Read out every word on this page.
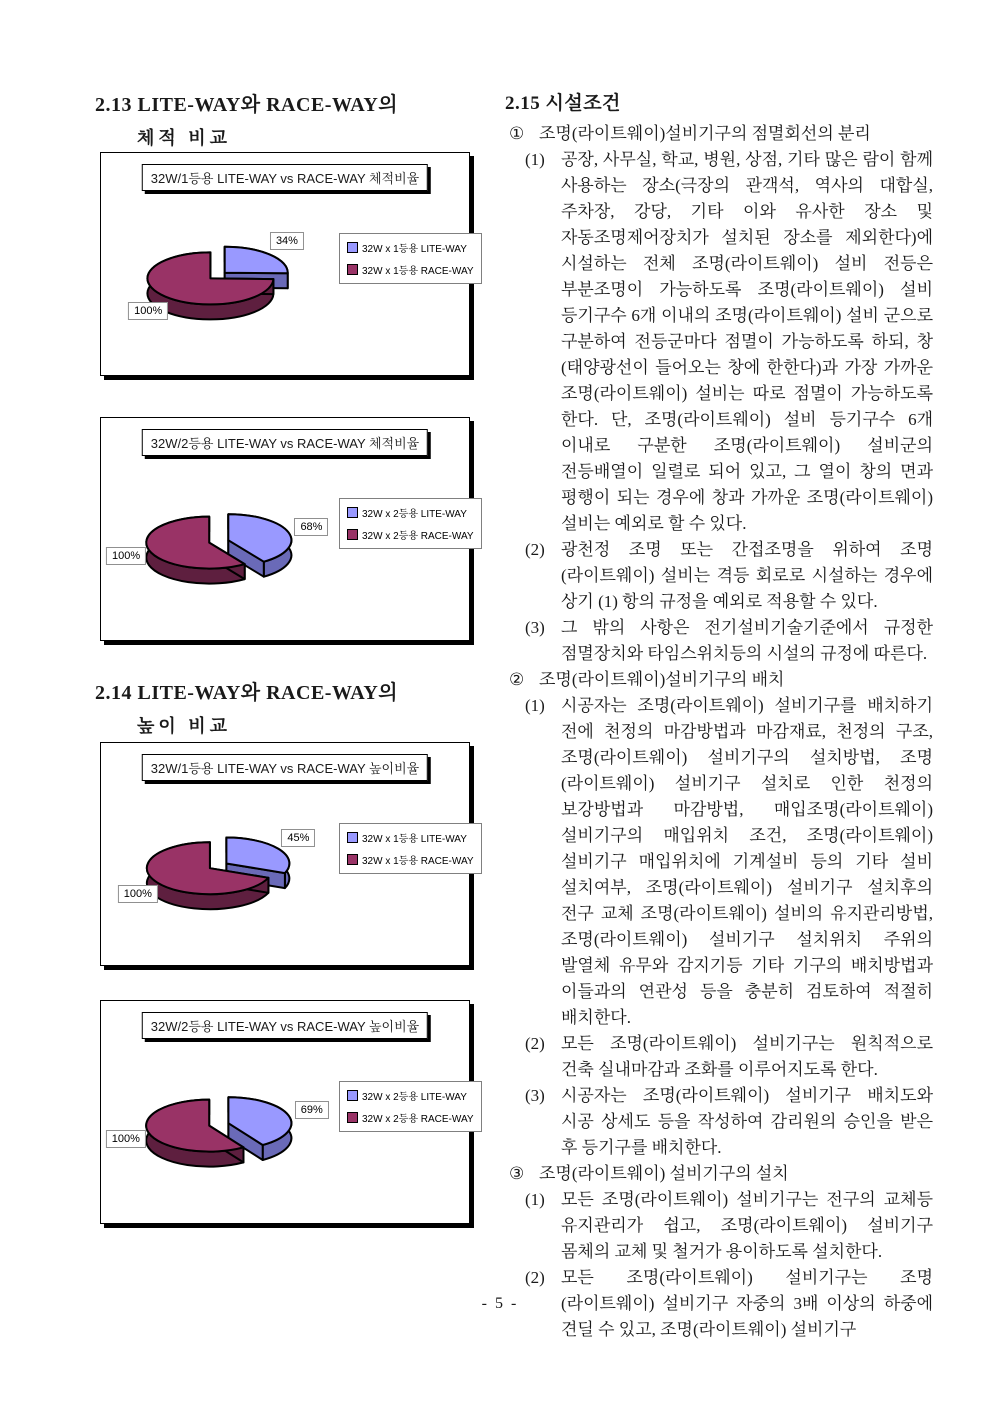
2.13 LITE-WAY와 RACE-WAY의
체적 비교
32W/1등용 LITE-WAY vs RACE-WAY 체적비율
32W x 1등용 LITE-WAY
32W x 1등용 RACE-WAY
34%
100%
32W/2등용 LITE-WAY vs RACE-WAY 체적비율
32W x 2등용 LITE-WAY
32W x 2등용 RACE-WAY
68%
100%
2.14 LITE-WAY와 RACE-WAY의
높이 비교
32W/1등용 LITE-WAY vs RACE-WAY 높이비율
32W x 1등용 LITE-WAY
32W x 1등용 RACE-WAY
45%
100%
32W/2등용 LITE-WAY vs RACE-WAY 높이비율
32W x 2등용 LITE-WAY
32W x 2등용 RACE-WAY
69%
100%
2.15 시설조건
① 조명(라이트웨이)설비기구의 점멸회선의 분리
(1) 공장, 사무실, 학교, 병원, 상점, 기타 많은 람이 함께 사용하는 장소(극장의 관객석, 역사의 대합실, 주차장, 강당, 기타 이와 유사한 장소 및 자동조명제어장치가 설치된 장소를 제외한다)에 시설하는 전체 조명(라이트웨이) 설비 전등은 부분조명이 가능하도록 조명(라이트웨이) 설비 등기구수 6개 이내의 조명(라이트웨이) 설비 군으로 구분하여 전등군마다 점멸이 가능하도록 하되, 창(태양광선이 들어오는 창에 한한다)과 가장 가까운 조명(라이트웨이) 설비는 따로 점멸이 가능하도록 한다. 단, 조명(라이트웨이) 설비 등기구수 6개 이내로 구분한 조명(라이트웨이) 설비군의 전등배열이 일렬로 되어 있고, 그 열이 창의 면과 평행이 되는 경우에 창과 가까운 조명(라이트웨이) 설비는 예외로 할 수 있다.
(2) 광천정 조명 또는 간접조명을 위하여 조명(라이트웨이) 설비는 격등 회로로 시설하는 경우에 상기 (1) 항의 규정을 예외로 적용할 수 있다.
(3) 그 밖의 사항은 전기설비기술기준에서 규정한 점멸장치와 타임스위치등의 시설의 규정에 따른다.
② 조명(라이트웨이)설비기구의 배치
(1) 시공자는 조명(라이트웨이) 설비기구를 배치하기 전에 천정의 마감방법과 마감재료, 천정의 구조, 조명(라이트웨이) 설비기구의 설치방법, 조명(라이트웨이) 설비기구 설치로 인한 천정의 보강방법과 마감방법, 매입조명(라이트웨이) 설비기구의 매입위치 조건, 조명(라이트웨이) 설비기구 매입위치에 기계설비 등의 기타 설비 설치여부, 조명(라이트웨이) 설비기구 설치후의 전구 교체 조명(라이트웨이) 설비의 유지관리방법, 조명(라이트웨이) 설비기구 설치위치 주위의 발열체 유무와 감지기등 기타 기구의 배치방법과 이들과의 연관성 등을 충분히 검토하여 적절히 배치한다.
(2) 모든 조명(라이트웨이) 설비기구는 원칙적으로 건축 실내마감과 조화를 이루어지도록 한다.
(3) 시공자는 조명(라이트웨이) 설비기구 배치도와 시공 상세도 등을 작성하여 감리원의 승인을 받은 후 등기구를 배치한다.
③ 조명(라이트웨이) 설비기구의 설치
(1) 모든 조명(라이트웨이) 설비기구는 전구의 교체등 유지관리가 쉽고, 조명(라이트웨이) 설비기구 몸체의 교체 및 철거가 용이하도록 설치한다.
(2) 모든 조명(라이트웨이) 설비기구는 조명(라이트웨이) 설비기구 자중의 3배 이상의 하중에 견딜 수 있고, 조명(라이트웨이) 설비기구
- 5 -
